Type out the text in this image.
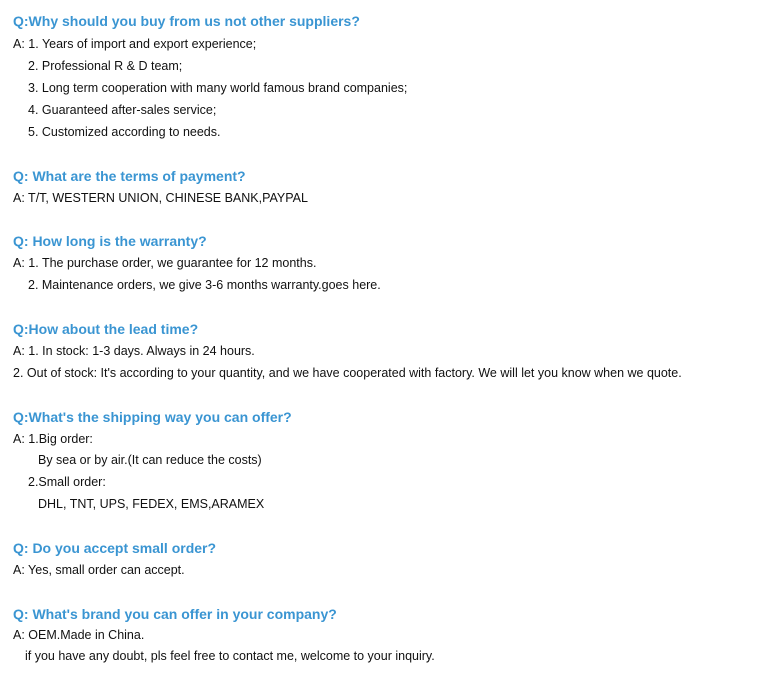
Q:Why should you buy from us not other suppliers?

A: 1. Years of import and export experience;

2. Professional R & D team;

3. Long term cooperation with many world famous brand companies;

4. Guaranteed after-sales service;

5. Customized according to needs.

Q: What are the terms of payment?

A: T/T, WESTERN UNION, CHINESE BANK,PAYPAL

Q: How long is the warranty?

A: 1. The purchase order, we guarantee for 12 months.

2. Maintenance orders, we give 3-6 months warranty.goes here.

Q:How about the lead time?

A: 1. In stock: 1-3 days. Always in 24 hours.

2. Out of stock: It's according to your quantity, and we have cooperated with factory. We will let you know when we quote.

Q:What's the shipping way you can offer?

A: 1.Big order:

By sea or by air.(It can reduce the costs)

2.Small order:

DHL, TNT, UPS, FEDEX, EMS,ARAMEX

Q: Do you accept small order?

A: Yes, small order can accept.

Q: What's brand you can offer in your company?

A: OEM.Made in China.

if you have any doubt, pls feel free to contact me, welcome to your inquiry.
